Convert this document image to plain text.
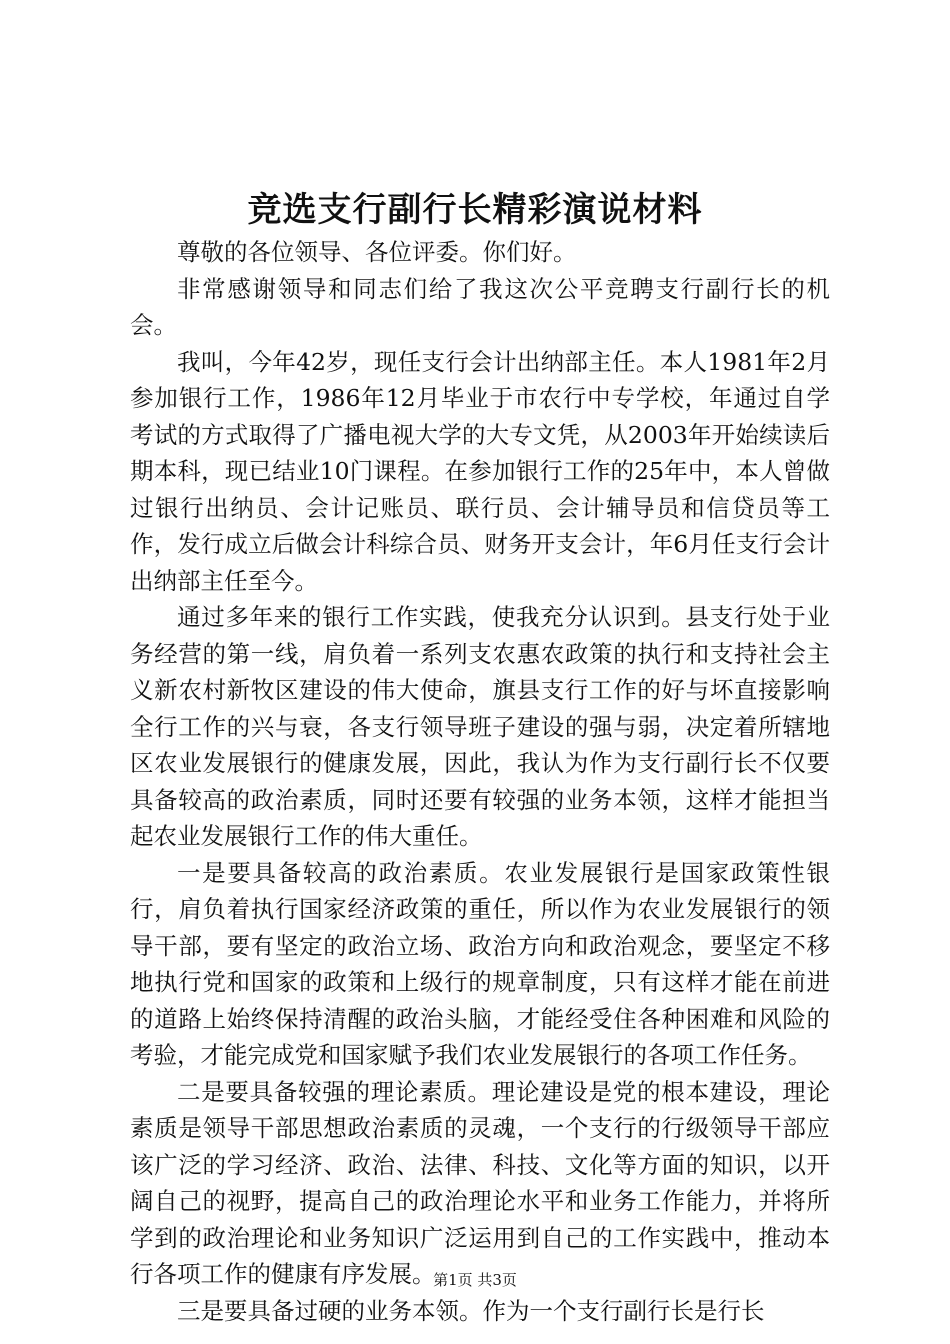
竞选支行副行长精彩演说材料

尊敬的各位领导、各位评委。你们好。

非常感谢领导和同志们给了我这次公平竞聘支行副行长的机会。

我叫，今年42岁，现任支行会计出纳部主任。本人1981年2月参加银行工作，1986年12月毕业于市农行中专学校，年通过自学考试的方式取得了广播电视大学的大专文凭，从2003年开始续读后期本科，现已结业10门课程。在参加银行工作的25年中，本人曾做过银行出纳员、会计记账员、联行员、会计辅导员和信贷员等工作，发行成立后做会计科综合员、财务开支会计，年6月任支行会计出纳部主任至今。

通过多年来的银行工作实践，使我充分认识到。县支行处于业务经营的第一线，肩负着一系列支农惠农政策的执行和支持社会主义新农村新牧区建设的伟大使命，旗县支行工作的好与坏直接影响全行工作的兴与衰，各支行领导班子建设的强与弱，决定着所辖地区农业发展银行的健康发展，因此，我认为作为支行副行长不仅要具备较高的政治素质，同时还要有较强的业务本领，这样才能担当起农业发展银行工作的伟大重任。

一是要具备较高的政治素质。农业发展银行是国家政策性银行，肩负着执行国家经济政策的重任，所以作为农业发展银行的领导干部，要有坚定的政治立场、政治方向和政治观念，要坚定不移地执行党和国家的政策和上级行的规章制度，只有这样才能在前进的道路上始终保持清醒的政治头脑，才能经受住各种困难和风险的考验，才能完成党和国家赋予我们农业发展银行的各项工作任务。

二是要具备较强的理论素质。理论建设是党的根本建设，理论素质是领导干部思想政治素质的灵魂，一个支行的行级领导干部应该广泛的学习经济、政治、法律、科技、文化等方面的知识，以开阔自己的视野，提高自己的政治理论水平和业务工作能力，并将所学到的政治理论和业务知识广泛运用到自己的工作实践中，推动本行各项工作的健康有序发展。

三是要具备过硬的业务本领。作为一个支行副行长是行长

第1页 共3页
